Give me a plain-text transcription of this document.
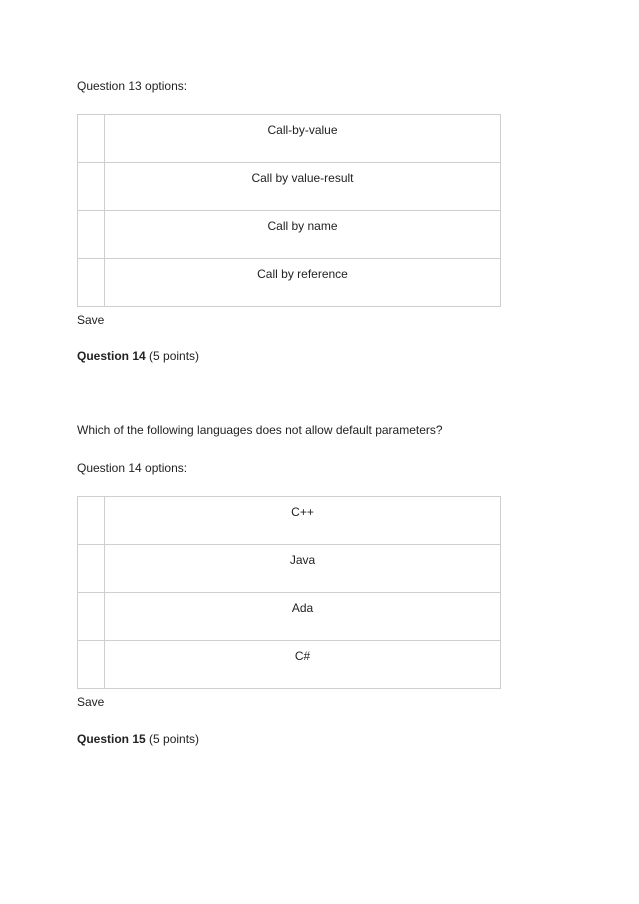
Question 13 options:
	Call-by-value
	Call by value-result
	Call by name
	Call by reference
Save
Question 14 (5 points)
Which of the following languages does not allow default parameters?
Question 14 options:
	C++
	Java
	Ada
	C#
Save
Question 15 (5 points)
